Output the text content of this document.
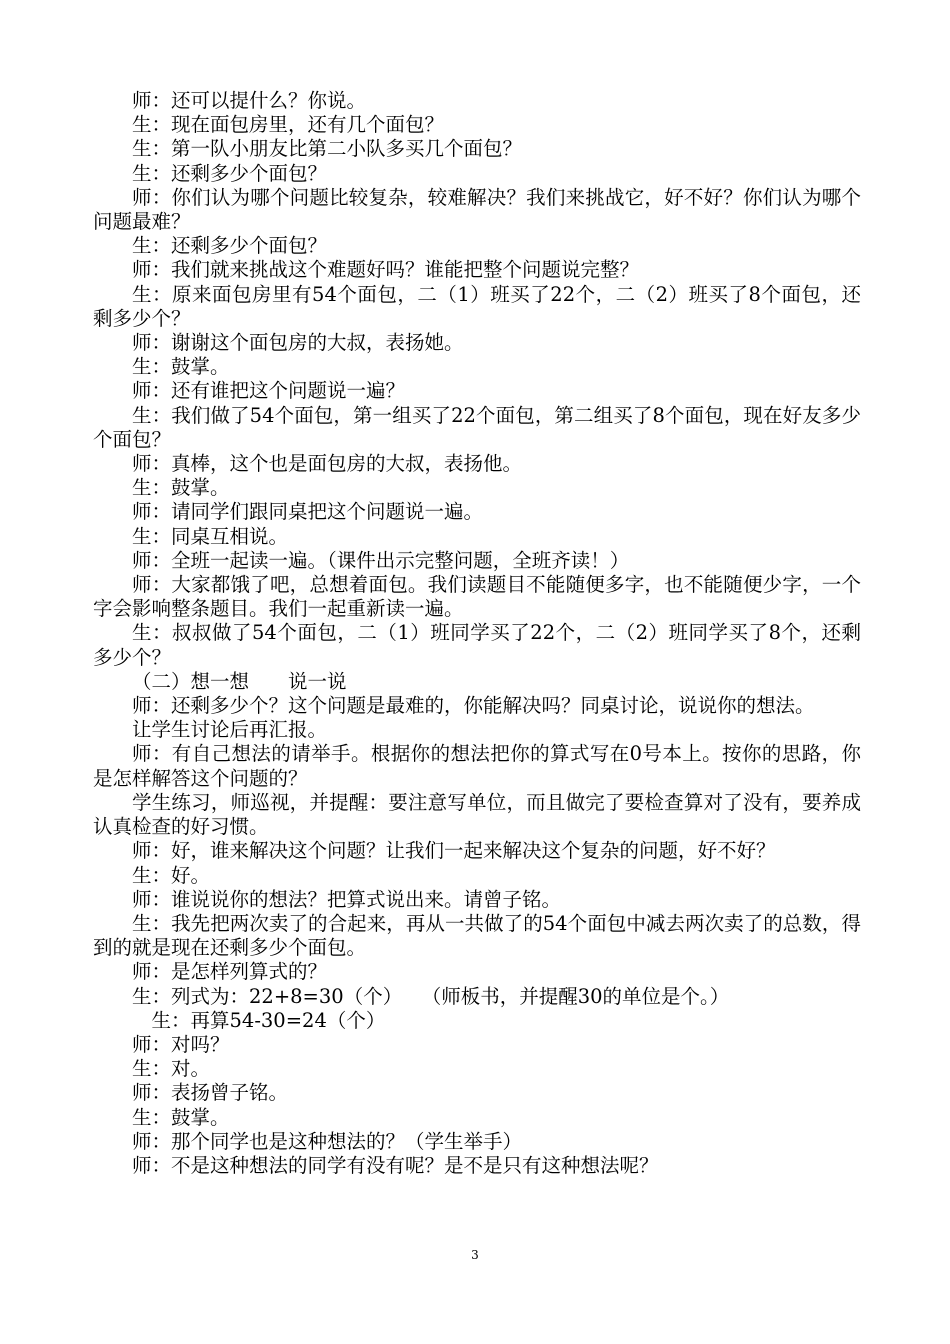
师：还可以提什么？你说。

生：现在面包房里，还有几个面包？

生：第一队小朋友比第二小队多买几个面包？

生：还剩多少个面包？

师：你们认为哪个问题比较复杂，较难解决？我们来挑战它，好不好？你们认为哪个问题最难？

生：还剩多少个面包？

师：我们就来挑战这个难题好吗？谁能把整个问题说完整？

生：原来面包房里有54个面包，二（1）班买了22个，二（2）班买了8个面包，还剩多少个？

师：谢谢这个面包房的大叔，表扬她。

生：鼓掌。

师：还有谁把这个问题说一遍？

生：我们做了54个面包，第一组买了22个面包，第二组买了8个面包，现在好友多少个面包？

师：真棒，这个也是面包房的大叔，表扬他。

生：鼓掌。

师：请同学们跟同桌把这个问题说一遍。

生：同桌互相说。

师：全班一起读一遍。（课件出示完整问题，全班齐读！）

师：大家都饿了吧，总想着面包。我们读题目不能随便多字，也不能随便少字，一个字会影响整条题目。我们一起重新读一遍。

生：叔叔做了54个面包，二（1）班同学买了22个，二（2）班同学买了8个，还剩多少个？

（二）想一想　　说一说

师：还剩多少个？这个问题是最难的，你能解决吗？同桌讨论，说说你的想法。

让学生讨论后再汇报。

师：有自己想法的请举手。根据你的想法把你的算式写在0号本上。按你的思路，你是怎样解答这个问题的？

学生练习，师巡视，并提醒：要注意写单位，而且做完了要检查算对了没有，要养成认真检查的好习惯。

师：好，谁来解决这个问题？让我们一起来解决这个复杂的问题，好不好？

生：好。

师：谁说说你的想法？把算式说出来。请曾子铭。

生：我先把两次卖了的合起来，再从一共做了的54个面包中减去两次卖了的总数，得到的就是现在还剩多少个面包。

师：是怎样列算式的？

生：列式为：22+8=30（个）　　（师板书，并提醒30的单位是个。）

生：再算54-30=24（个）

师：对吗？

生：对。

师：表扬曾子铭。

生：鼓掌。

师：那个同学也是这种想法的？（学生举手）

师：不是这种想法的同学有没有呢？是不是只有这种想法呢？

3
